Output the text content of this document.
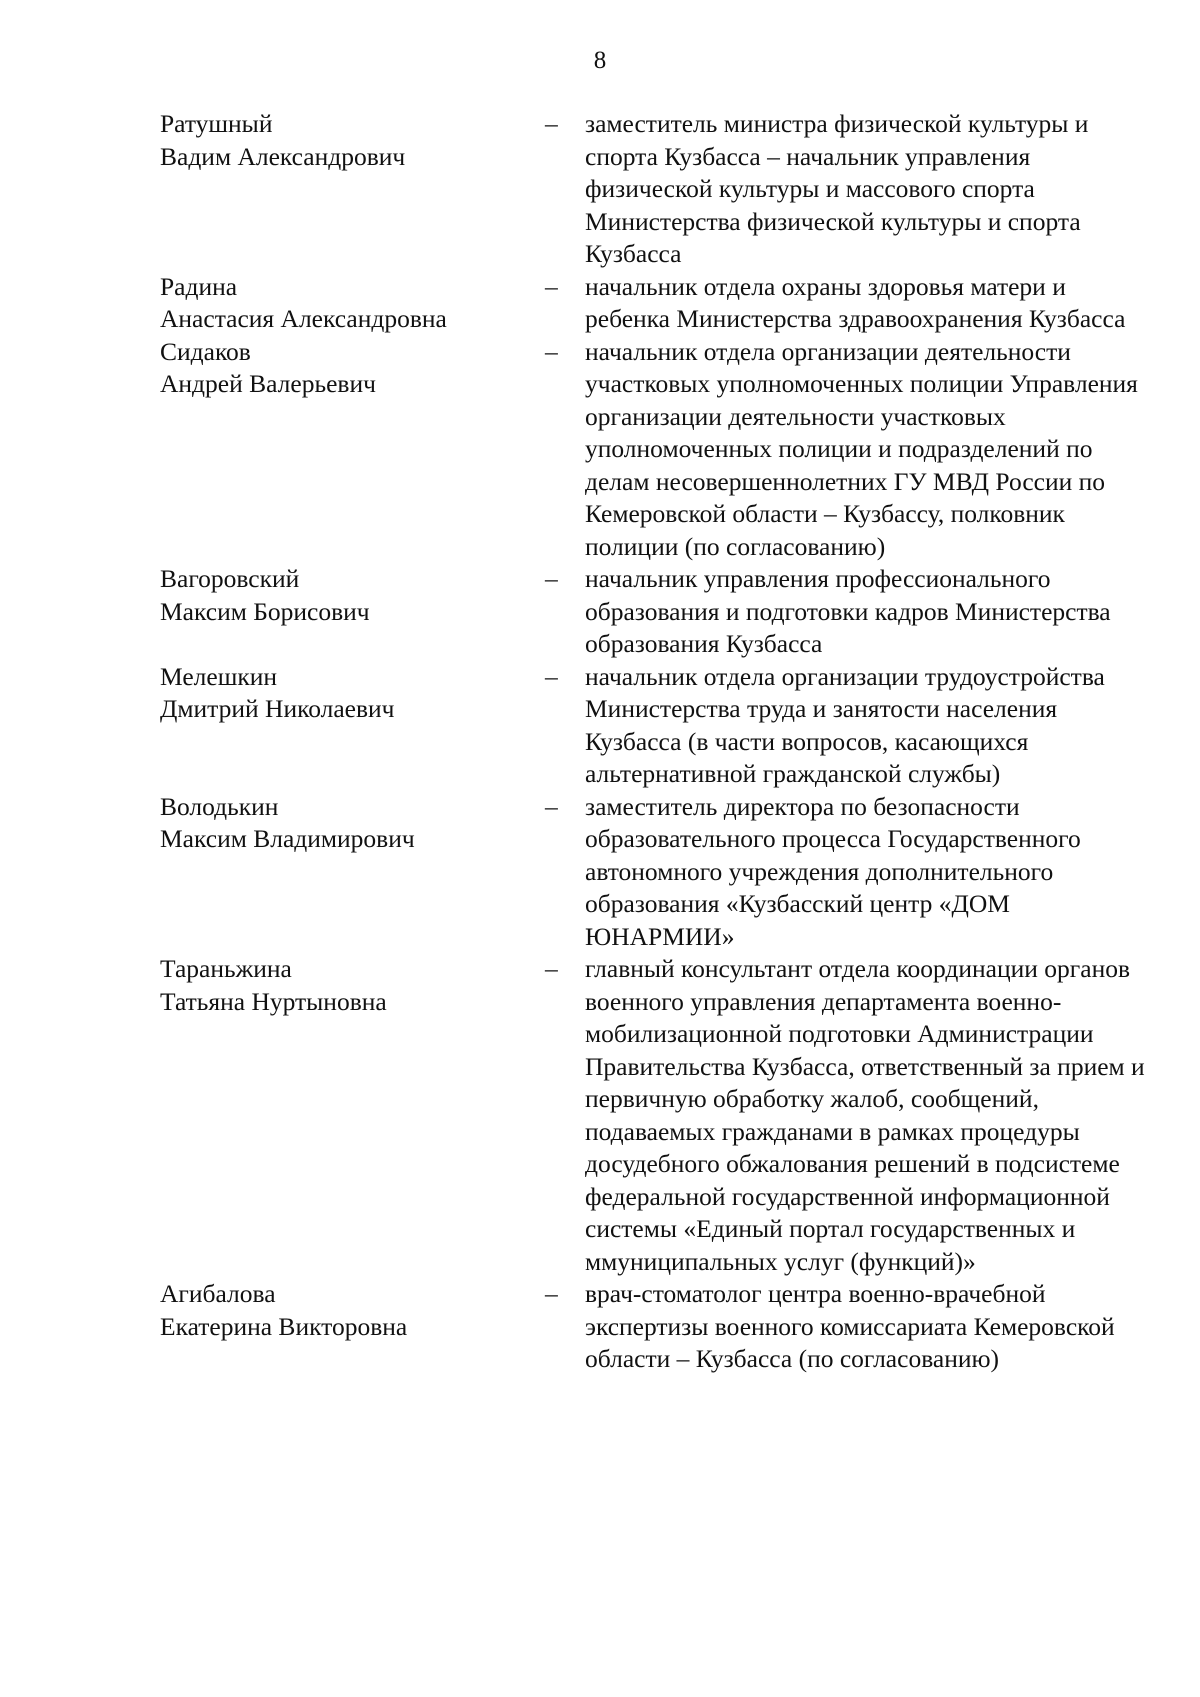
8
Ратушный
Вадим Александрович
–	заместитель министра физической культуры и спорта Кузбасса – начальник управления физической культуры и массового спорта Министерства физической культуры и спорта Кузбасса
Радина
Анастасия Александровна
–	начальник отдела охраны здоровья матери и ребенка Министерства здравоохранения Кузбасса
Сидаков
Андрей Валерьевич
–	начальник отдела организации деятельности участковых уполномоченных полиции Управления организации деятельности участковых уполномоченных полиции и подразделений по делам несовершеннолетних ГУ МВД России по Кемеровской области – Кузбассу, полковник полиции (по согласованию)
Вагоровский
Максим Борисович
–	начальник управления профессионального образования и подготовки кадров Министерства образования Кузбасса
Мелешкин
Дмитрий Николаевич
–	начальник отдела организации трудоустройства Министерства труда и занятости населения Кузбасса (в части вопросов, касающихся альтернативной гражданской службы)
Володькин
Максим Владимирович
–	заместитель директора по безопасности образовательного процесса Государственного автономного учреждения дополнительного образования «Кузбасский центр «ДОМ ЮНАРМИИ»
Тараньжина
Татьяна Нуртыновна
–	главный консультант отдела координации органов военного управления департамента военно-мобилизационной подготовки Администрации Правительства Кузбасса, ответственный за прием и первичную обработку жалоб, сообщений, подаваемых гражданами в рамках процедуры досудебного обжалования решений в подсистеме федеральной государственной информационной системы «Единый портал государственных и ммуниципальных услуг (функций)»
Агибалова
Екатерина Викторовна
–	врач-стоматолог центра военно-врачебной экспертизы военного комиссариата Кемеровской области – Кузбасса (по согласованию)
